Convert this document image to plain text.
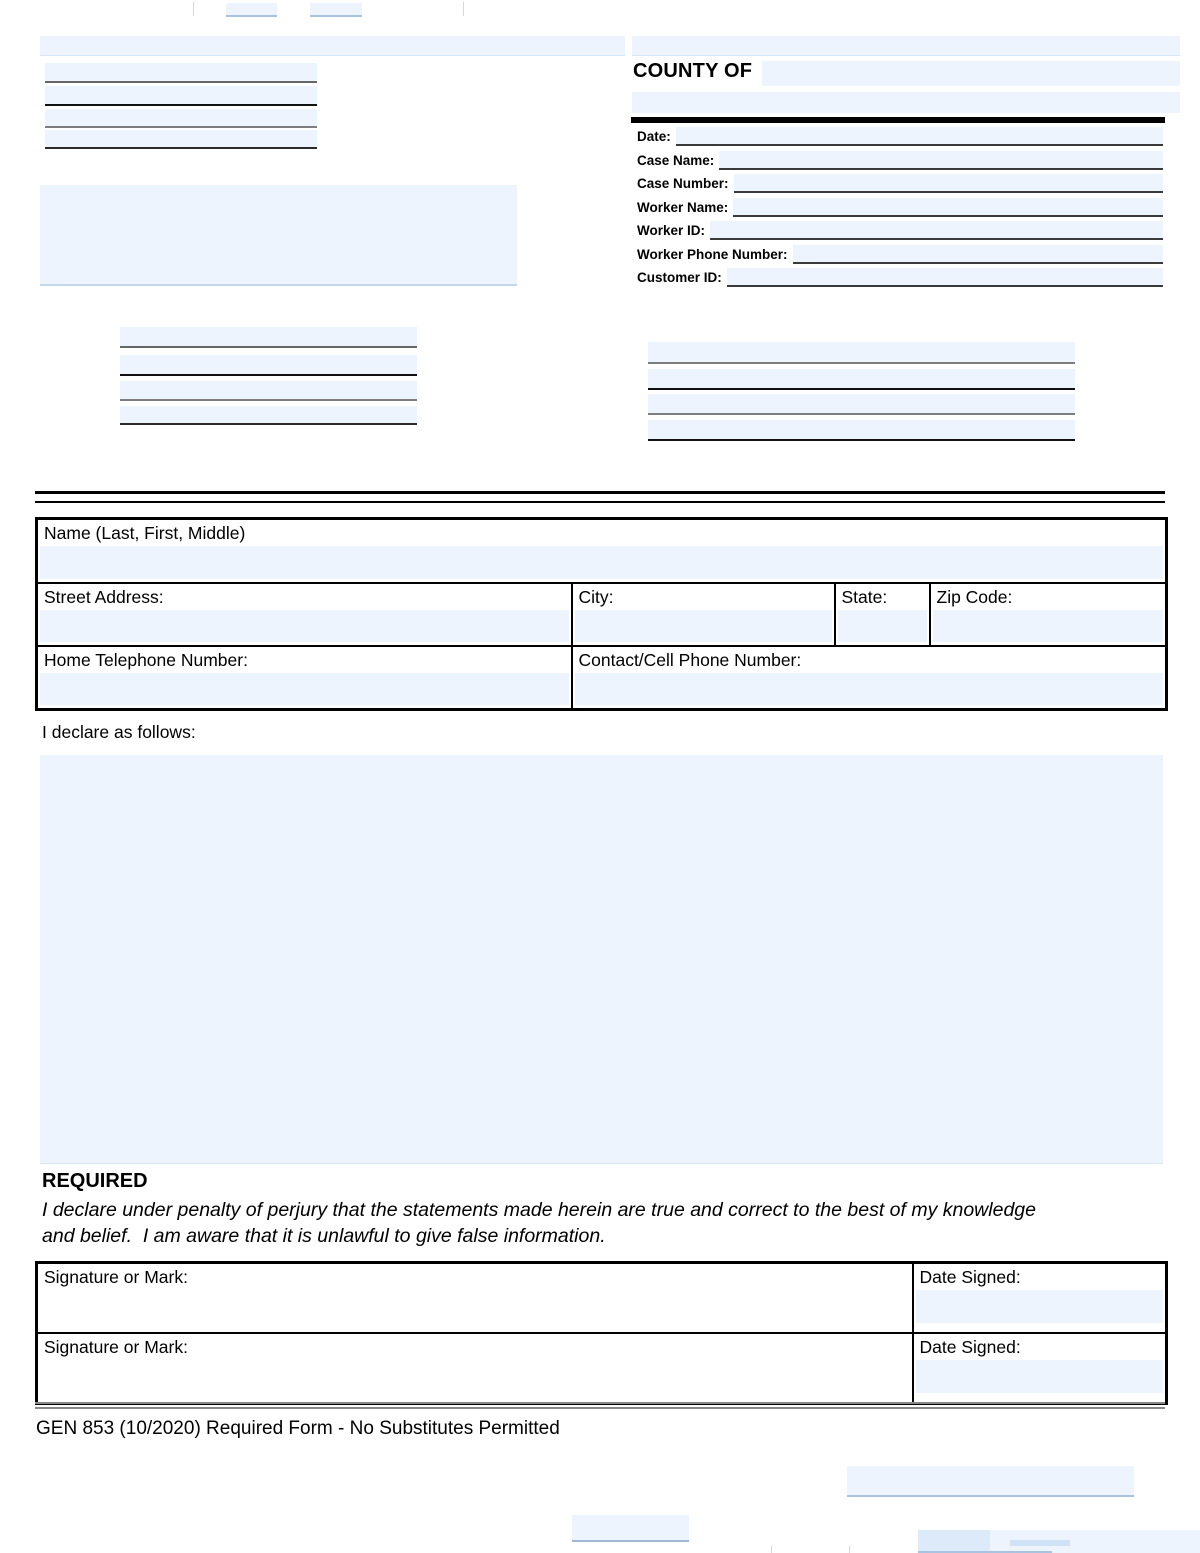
COUNTY OF
Date:
Case Name:
Case Number:
Worker Name:
Worker ID:
Worker Phone Number:
Customer ID:
Name (Last, First, Middle)			

Street Address:	City:	State:	Zip Code:

Home Telephone Number:	Contact/Cell Phone Number:		
I declare as follows:
REQUIRED
I declare under penalty of perjury that the statements made herein are true and correct to the best of my knowledge and belief.  I am aware that it is unlawful to give false information.
Signature or Mark:	Date Signed:

Signature or Mark:	Date Signed:
GEN 853 (10/2020) Required Form - No Substitutes Permitted
